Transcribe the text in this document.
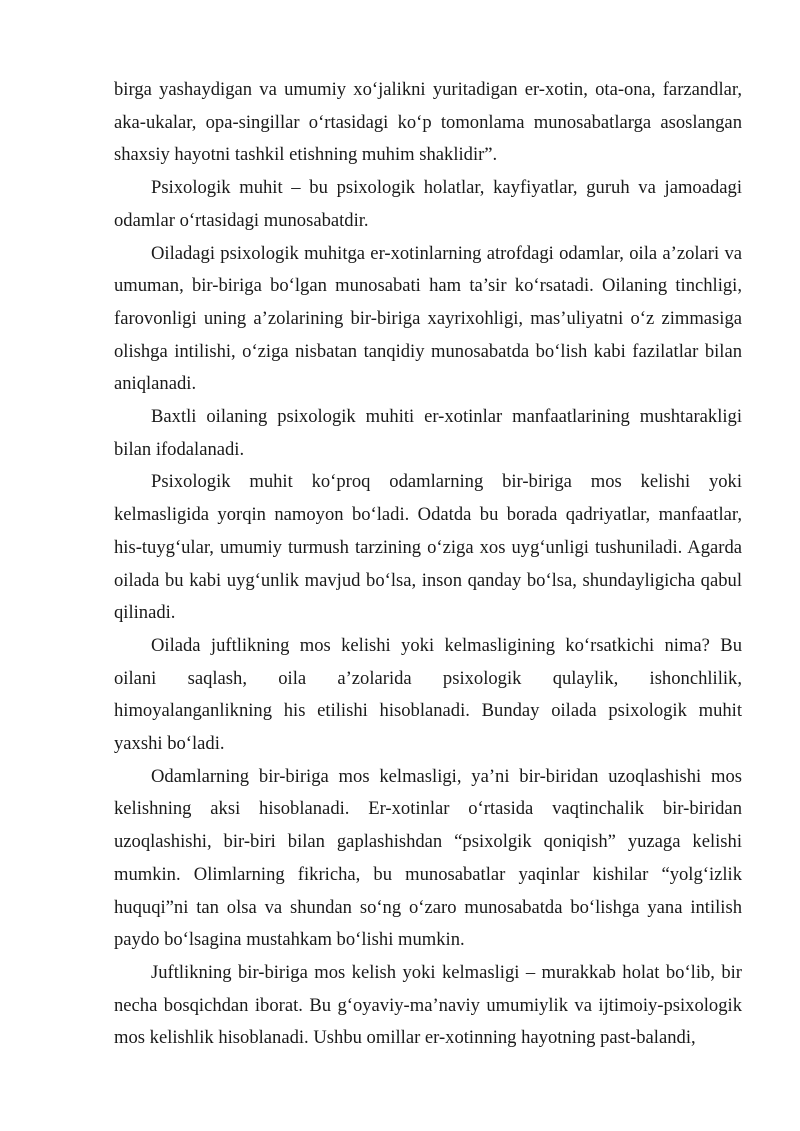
birga yashaydigan va umumiy xo‘jalikni yuritadigan er-xotin, ota-ona, farzandlar, aka-ukalar, opa-singillar o‘rtasidagi ko‘p tomonlama munosabatlarga asoslangan shaxsiy hayotni tashkil etishning muhim shaklidir”.

Psixologik muhit – bu psixologik holatlar, kayfiyatlar, guruh va jamoadagi odamlar o‘rtasidagi munosabatdir.

Oiladagi psixologik muhitga er-xotinlarning atrofdagi odamlar, oila a’zolari va umuman, bir-biriga bo‘lgan munosabati ham ta’sir ko‘rsatadi. Oilaning tinchligi, farovonligi uning a’zolarining bir-biriga xayrixohligi, mas’uliyatni o‘z zimmasiga olishga intilishi, o‘ziga nisbatan tanqidiy munosabatda bo‘lish kabi fazilatlar bilan aniqlanadi.

Baxtli oilaning psixologik muhiti er-xotinlar manfaatlarining mushtarakligi bilan ifodalanadi.

Psixologik muhit ko‘proq odamlarning bir-biriga mos kelishi yoki kelmasligida yorqin namoyon bo‘ladi. Odatda bu borada qadriyatlar, manfaatlar, his-tuyg‘ular, umumiy turmush tarzining o‘ziga xos uyg‘unligi tushuniladi. Agarda oilada bu kabi uyg‘unlik mavjud bo‘lsa, inson qanday bo‘lsa, shundayligicha qabul qilinadi.

Oilada juftlikning mos kelishi yoki kelmasligining ko‘rsatkichi nima? Bu oilani saqlash, oila a’zolarida psixologik qulaylik, ishonchlilik, himoyalanganlikning his etilishi hisoblanadi. Bunday oilada psixologik muhit yaxshi bo‘ladi.

Odamlarning bir-biriga mos kelmasligi, ya’ni bir-biridan uzoqlashishi mos kelishning aksi hisoblanadi. Er-xotinlar o‘rtasida vaqtinchalik bir-biridan uzoqlashishi, bir-biri bilan gaplashishdan “psixolgik qoniqish” yuzaga kelishi mumkin. Olimlarning fikricha, bu munosabatlar yaqinlar kishilar “yolg‘izlik huquqi”ni tan olsa va shundan so‘ng o‘zaro munosabatda bo‘lishga yana intilish paydo bo‘lsagina mustahkam bo‘lishi mumkin.

Juftlikning bir-biriga mos kelish yoki kelmasligi – murakkab holat bo‘lib, bir necha bosqichdan iborat. Bu g‘oyaviy-ma’naviy umumiylik va ijtimoiy-psixologik mos kelishlik hisoblanadi. Ushbu omillar er-xotinning hayotning past-balandi,
